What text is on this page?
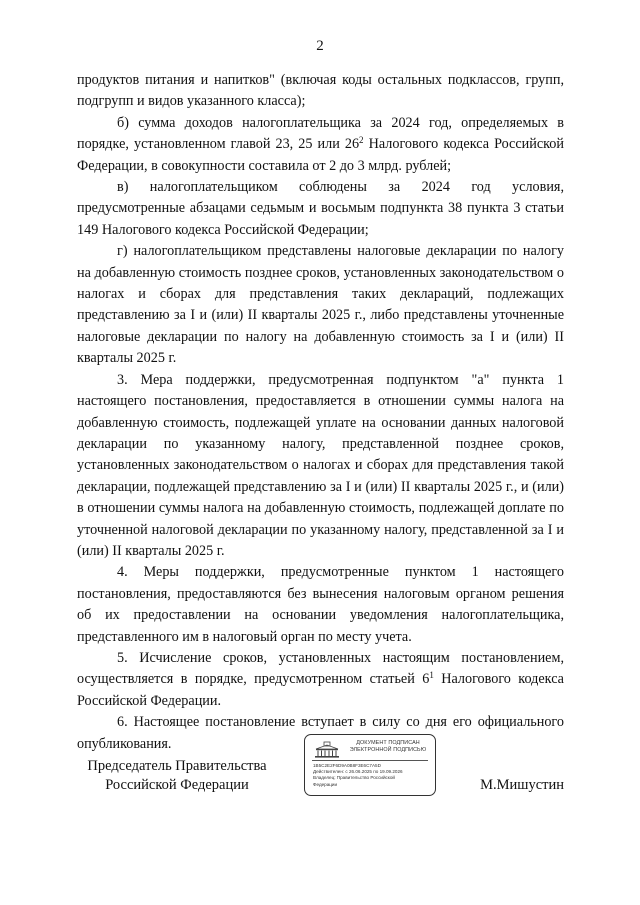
2

продуктов питания и напитков" (включая коды остальных подклассов, групп, подгрупп и видов указанного класса);

б) сумма доходов налогоплательщика за 2024 год, определяемых в порядке, установленном главой 23, 25 или $26^2$ Налогового кодекса Российской Федерации, в совокупности составила от 2 до 3 млрд. рублей;

в) налогоплательщиком соблюдены за 2024 год условия, предусмотренные абзацами седьмым и восьмым подпункта 38 пункта 3 статьи 149 Налогового кодекса Российской Федерации;

г) налогоплательщиком представлены налоговые декларации по налогу на добавленную стоимость позднее сроков, установленных законодательством о налогах и сборах для представления таких деклараций, подлежащих представлению за I и (или) II кварталы 2025 г., либо представлены уточненные налоговые декларации по налогу на добавленную стоимость за I и (или) II кварталы 2025 г.

3. Мера поддержки, предусмотренная подпунктом "а" пункта 1 настоящего постановления, предоставляется в отношении суммы налога на добавленную стоимость, подлежащей уплате на основании данных налоговой декларации по указанному налогу, представленной позднее сроков, установленных законодательством о налогах и сборах для представления такой декларации, подлежащей представлению за I и (или) II кварталы 2025 г., и (или) в отношении суммы налога на добавленную стоимость, подлежащей доплате по уточненной налоговой декларации по указанному налогу, представленной за I и (или) II кварталы 2025 г.

4. Меры поддержки, предусмотренные пунктом 1 настоящего постановления, предоставляются без вынесения налоговым органом решения об их предоставлении на основании уведомления налогоплательщика, представленного им в налоговый орган по месту учета.

5. Исчисление сроков, установленных настоящим постановлением, осуществляется в порядке, предусмотренном статьей $6^1$ Налогового кодекса Российской Федерации.

6. Настоящее постановление вступает в силу со дня его официального опубликования.

Председатель Правительства
Российской Федерации
ДОКУМЕНТ ПОДПИСАН
ЭЛЕКТРОННОЙ ПОДПИСЬЮ
1B5C2E2F6D9A0B8F3E6C7A5D
Действителен: с 26.06.2025 по 19.09.2026
Владелец: Правительство Российской
Федерации	М.Мишустин
